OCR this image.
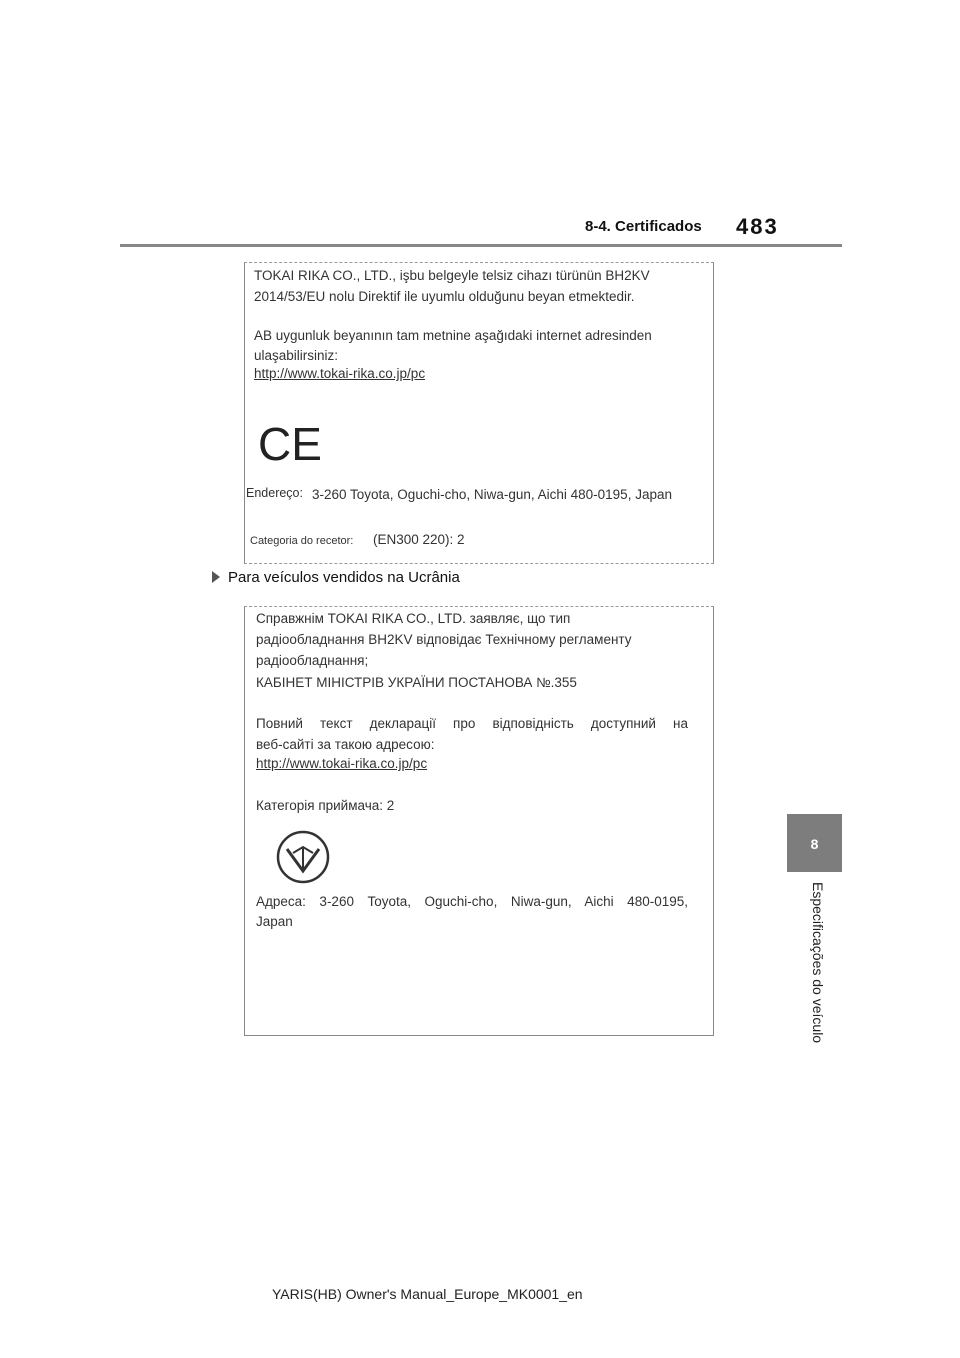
8-4. Certificados 483
8
Especificações do veículo
TOKAI RIKA CO., LTD., işbu belgeyle telsiz cihazı türünün BH2KV
2014/53/EU nolu Direktif ile uyumlu olduğunu beyan etmektedir.
AB uygunluk beyanının tam metnine aşağıdaki internet adresinden
ulaşabilirsiniz:
http://www.tokai-rika.co.jp/pc
CE
Endereço: 3-260 Toyota, Oguchi-cho, Niwa-gun, Aichi 480-0195, Japan
Categoria do recetor: (EN300 220): 2
Para veículos vendidos na Ucrânia
Справжнім TOKAI RIKA CO., LTD. заявляє, що тип
радіообладнання BH2KV відповідає Технічному регламенту
радіообладнання;
КАБІНЕТ МІНІСТРІВ УКРАЇНИ ПОСТАНОВА №.355
Повний текст декларації про відповідність доступний на
веб-сайті за такою адресою:
http://www.tokai-rika.co.jp/pc
Категорія приймача: 2
Адреса: 3-260 Toyota, Oguchi-cho, Niwa-gun, Aichi 480-0195,
Japan
YARIS(HB) Owner's Manual_Europe_MK0001_en
